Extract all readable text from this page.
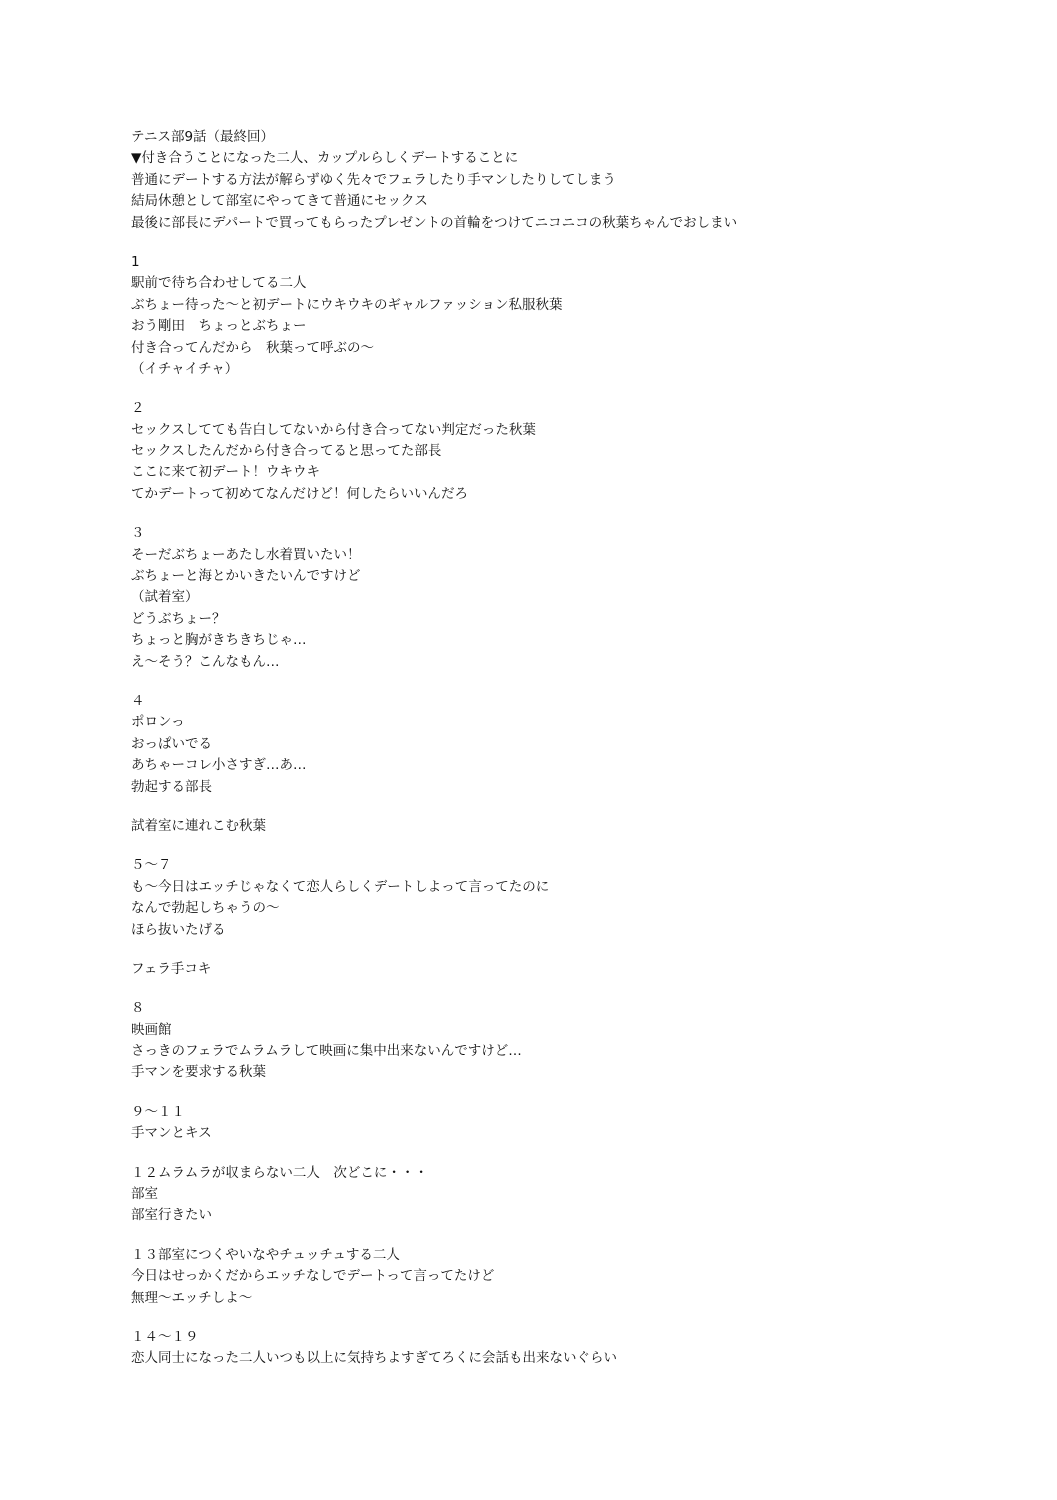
テニス部9話（最終回）
▼付き合うことになった二人、カップルらしくデートすることに
普通にデートする方法が解らずゆく先々でフェラしたり手マンしたりしてしまう
結局休憩として部室にやってきて普通にセックス
最後に部長にデパートで買ってもらったプレゼントの首輪をつけてニコニコの秋葉ちゃんでおしまい
1
駅前で待ち合わせしてる二人
ぶちょー待った〜と初デートにウキウキのギャルファッション私服秋葉
おう剛田　ちょっとぶちょー
付き合ってんだから　秋葉って呼ぶの〜
（イチャイチャ）
２
セックスしてても告白してないから付き合ってない判定だった秋葉
セックスしたんだから付き合ってると思ってた部長
ここに来て初デート！ウキウキ
てかデートって初めてなんだけど！何したらいいんだろ
３
そーだぶちょーあたし水着買いたい！
ぶちょーと海とかいきたいんですけど
（試着室）
どうぶちょー？
ちょっと胸がきちきちじゃ…
え〜そう？こんなもん…
４
ポロンっ
おっぱいでる
あちゃーコレ小さすぎ…あ…
勃起する部長
試着室に連れこむ秋葉
５〜７
も〜今日はエッチじゃなくて恋人らしくデートしよって言ってたのに
なんで勃起しちゃうの〜
ほら抜いたげる
フェラ手コキ
８
映画館
さっきのフェラでムラムラして映画に集中出来ないんですけど…
手マンを要求する秋葉
９〜１１
手マンとキス
１２ムラムラが収まらない二人　次どこに・・・
部室
部室行きたい
１３部室につくやいなやチュッチュする二人
今日はせっかくだからエッチなしでデートって言ってたけど
無理〜エッチしよ〜
１４〜１９
恋人同士になった二人いつも以上に気持ちよすぎてろくに会話も出来ないぐらい
